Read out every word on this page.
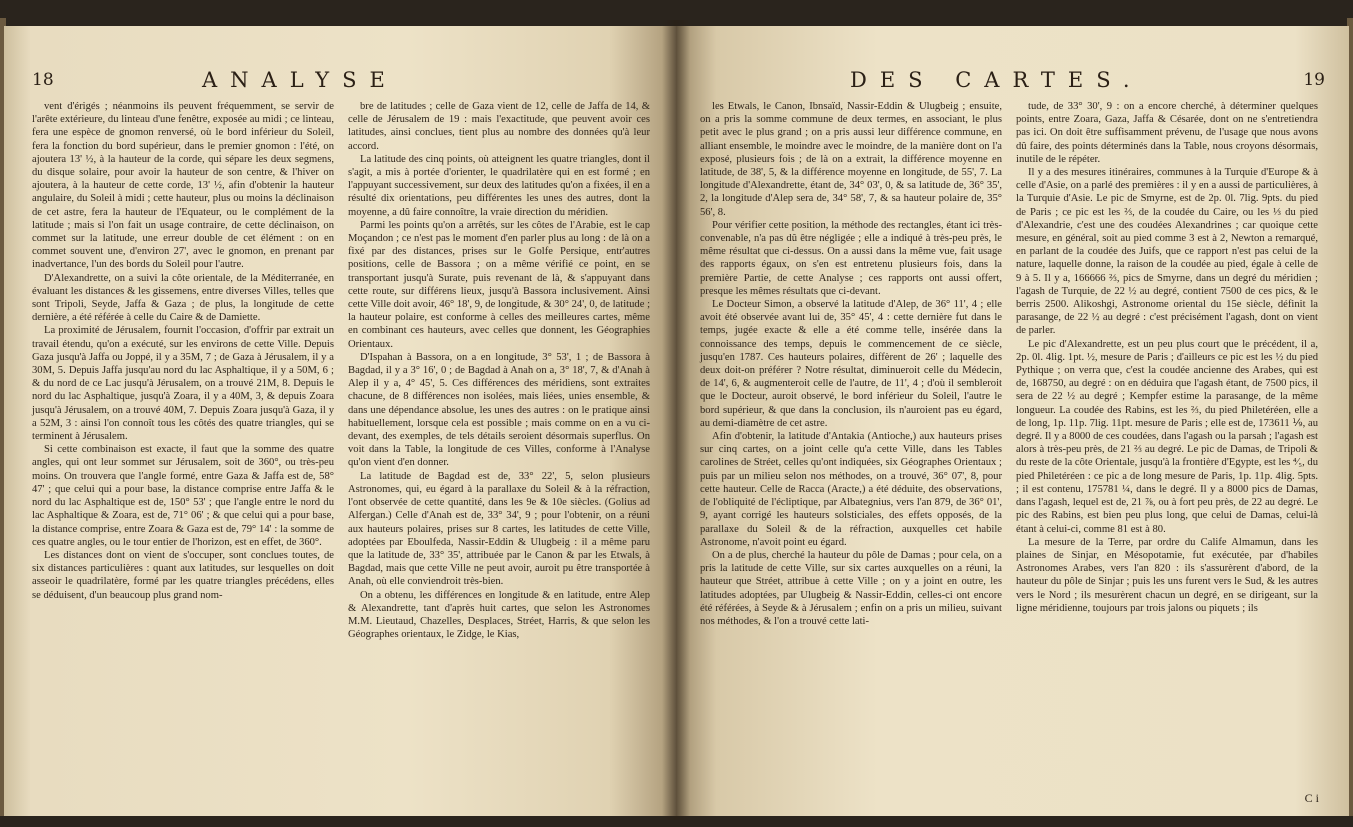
18	ANALYSE

vent d'érigés ; néanmoins ils peuvent fréquemment, se servir de l'arête extérieure, du linteau d'une fenêtre, exposée au midi ; ce linteau, fera une espèce de gnomon renversé, où le bord inférieur du Soleil, fera la fonction du bord supérieur, dans le premier gnomon : l'été, on ajoutera 13' ½, à la hauteur de la corde, qui sépare les deux segmens, du disque solaire, pour avoir la hauteur de son centre, & l'hiver on ajoutera, à la hauteur de cette corde, 13' ½, afin d'obtenir la hauteur angulaire, du Soleil à midi ; cette hauteur, plus ou moins la déclinaison de cet astre, fera la hauteur de l'Equateur, ou le complément de la latitude ; mais si l'on fait un usage contraire, de cette déclinaison, on commet sur la latitude, une erreur double de cet élément : on en commet souvent une, d'environ 27', avec le gnomon, en prenant par inadvertance, l'un des bords du Soleil pour l'autre.

D'Alexandrette, on a suivi la côte orientale, de la Méditerranée, en évaluant les distances & les gissemens, entre diverses Villes, telles que sont Tripoli, Seyde, Jaffa & Gaza ; de plus, la longitude de cette dernière, a été référée à celle du Caire & de Damiette.

La proximité de Jérusalem, fournit l'occasion, d'offrir par extrait un travail étendu, qu'on a exécuté, sur les environs de cette Ville. Depuis Gaza jusqu'à Jaffa ou Joppé, il y a 35M, 7 ; de Gaza à Jérusalem, il y a 30M, 5. Depuis Jaffa jusqu'au nord du lac Asphaltique, il y a 50M, 6 ; & du nord de ce Lac jusqu'à Jérusalem, on a trouvé 21M, 8. Depuis le nord du lac Asphaltique, jusqu'à Zoara, il y a 40M, 3, & depuis Zoara jusqu'à Jérusalem, on a trouvé 40M, 7. Depuis Zoara jusqu'à Gaza, il y a 52M, 3 : ainsi l'on connoît tous les côtés des quatre triangles, qui se terminent à Jérusalem.

Si cette combinaison est exacte, il faut que la somme des quatre angles, qui ont leur sommet sur Jérusalem, soit de 360°, ou très-peu moins. On trouvera que l'angle formé, entre Gaza & Jaffa est de, 58° 47' ; que celui qui a pour base, la distance comprise entre Jaffa & le nord du lac Asphaltique est de, 150° 53' ; que l'angle entre le nord du lac Asphaltique & Zoara, est de, 71° 06' ; & que celui qui a pour base, la distance comprise, entre Zoara & Gaza est de, 79° 14' : la somme de ces quatre angles, ou le tour entier de l'horizon, est en effet, de 360°.

Les distances dont on vient de s'occuper, sont conclues toutes, de six distances particulières : quant aux latitudes, sur lesquelles on doit asseoir le quadrilatère, formé par les quatre triangles précédens, elles se déduisent, d'un beaucoup plus grand nom-

bre de latitudes ; celle de Gaza vient de 12, celle de Jaffa de 14, & celle de Jérusalem de 19 : mais l'exactitude, que peuvent avoir ces latitudes, ainsi conclues, tient plus au nombre des données qu'à leur accord.

La latitude des cinq points, où atteignent les quatre triangles, dont il s'agit, a mis à portée d'orienter, le quadrilatère qui en est formé ; en l'appuyant successivement, sur deux des latitudes qu'on a fixées, il en a résulté dix orientations, peu différentes les unes des autres, dont la moyenne, a dû faire connoître, la vraie direction du méridien.

Parmi les points qu'on a arrêtés, sur les côtes de l'Arabie, est le cap Moçandon ; ce n'est pas le moment d'en parler plus au long : de là on a fixé par des distances, prises sur le Golfe Persique, entr'autres positions, celle de Bassora ; on a même vérifié ce point, en se transportant jusqu'à Surate, puis revenant de là, & s'appuyant dans cette route, sur différens lieux, jusqu'à Bassora inclusivement. Ainsi cette Ville doit avoir, 46° 18', 9, de longitude, & 30° 24', 0, de latitude ; la hauteur polaire, est conforme à celles des meilleures cartes, même en combinant ces hauteurs, avec celles que donnent, les Géographies Orientaux.

D'Ispahan à Bassora, on a en longitude, 3° 53', 1 ; de Bassora à Bagdad, il y a 3° 16', 0 ; de Bagdad à Anah on a, 3° 18', 7, & d'Anah à Alep il y a, 4° 45', 5. Ces différences des méridiens, sont extraites chacune, de 8 différences non isolées, mais liées, unies ensemble, & dans une dépendance absolue, les unes des autres : on le pratique ainsi habituellement, lorsque cela est possible ; mais comme on en a vu ci-devant, des exemples, de tels détails seroient désormais superflus. On voit dans la Table, la longitude de ces Villes, conforme à l'Analyse qu'on vient d'en donner.

La latitude de Bagdad est de, 33° 22', 5, selon plusieurs Astronomes, qui, eu égard à la parallaxe du Soleil & à la réfraction, l'ont observée de cette quantité, dans les 9e & 10e siècles. (Golius ad Alfergan.) Celle d'Anah est de, 33° 34', 9 ; pour l'obtenir, on a réuni aux hauteurs polaires, prises sur 8 cartes, les latitudes de cette Ville, adoptées par Eboulfeda, Nassir-Eddin & Ulugbeig : il a même paru que la latitude de, 33° 35', attribuée par le Canon & par les Etwals, à Bagdad, mais que cette Ville ne peut avoir, auroit pu être transportée à Anah, où elle conviendroit très-bien.

On a obtenu, les différences en longitude & en latitude, entre Alep & Alexandrette, tant d'après huit cartes, que selon les Astronomes M.M. Lieutaud, Chazelles, Desplaces, Stréet, Harris, & que selon les Géographes orientaux, le Zidge, le Kias,

DES CARTES.	19

les Etwals, le Canon, Ibnsaïd, Nassir-Eddin & Ulugbeig ; ensuite, on a pris la somme commune de deux termes, en associant, le plus petit avec le plus grand ; on a pris aussi leur différence commune, en alliant ensemble, le moindre avec le moindre, de la manière dont on l'a exposé, plusieurs fois ; de là on a extrait, la différence moyenne en latitude, de 38', 5, & la différence moyenne en longitude, de 55', 7. La longitude d'Alexandrette, étant de, 34° 03', 0, & sa latitude de, 36° 35', 2, la longitude d'Alep sera de, 34° 58', 7, & sa hauteur polaire de, 35° 56', 8.

Pour vérifier cette position, la méthode des rectangles, étant ici très-convenable, n'a pas dû être négligée ; elle a indiqué à très-peu près, le même résultat que ci-dessus. On a aussi dans la même vue, fait usage des rapports égaux, on s'en est entretenu plusieurs fois, dans la première Partie, de cette Analyse ; ces rapports ont aussi offert, presque les mêmes résultats que ci-devant.

Le Docteur Simon, a observé la latitude d'Alep, de 36° 11', 4 ; elle avoit été observée avant lui de, 35° 45', 4 : cette dernière fut dans le temps, jugée exacte & elle a été comme telle, insérée dans la connoissance des temps, depuis le commencement de ce siècle, jusqu'en 1787. Ces hauteurs polaires, diffèrent de 26' ; laquelle des deux doit-on préférer ? Notre résultat, diminueroit celle du Médecin, de 14', 6, & augmenteroit celle de l'autre, de 11', 4 ; d'où il sembleroit que le Docteur, auroit observé, le bord inférieur du Soleil, l'autre le bord supérieur, & que dans la conclusion, ils n'auroient pas eu égard, au demi-diamètre de cet astre.

Afin d'obtenir, la latitude d'Antakia (Antioche,) aux hauteurs prises sur cinq cartes, on a joint celle qu'a cette Ville, dans les Tables carolines de Stréet, celles qu'ont indiquées, six Géographes Orientaux ; puis par un milieu selon nos méthodes, on a trouvé, 36° 07', 8, pour cette hauteur. Celle de Racca (Aracte,) a été déduite, des observations, de l'obliquité de l'écliptique, par Albategnius, vers l'an 879, de 36° 01', 9, ayant corrigé les hauteurs solsticiales, des effets opposés, de la parallaxe du Soleil & de la réfraction, auxquelles cet habile Astronome, n'avoit point eu égard.

On a de plus, cherché la hauteur du pôle de Damas ; pour cela, on a pris la latitude de cette Ville, sur six cartes auxquelles on a réuni, la hauteur que Stréet, attribue à cette Ville ; on y a joint en outre, les latitudes adoptées, par Ulugbeig & Nassir-Eddin, celles-ci ont encore été référées, à Seyde & à Jérusalem ; enfin on a pris un milieu, suivant nos méthodes, & l'on a trouvé cette lati-

tude, de 33° 30', 9 : on a encore cherché, à déterminer quelques points, entre Zoara, Gaza, Jaffa & Césarée, dont on ne s'entretiendra pas ici. On doit être suffisamment prévenu, de l'usage que nous avons dû faire, des points déterminés dans la Table, nous croyons désormais, inutile de le répéter.

Il y a des mesures itinéraires, communes à la Turquie d'Europe & à celle d'Asie, on a parlé des premières : il y en a aussi de particulières, à la Turquie d'Asie. Le pic de Smyrne, est de 2p. 0l. 7lig. 9pts. du pied de Paris ; ce pic est les ⅔, de la coudée du Caire, ou les ⅓ du pied d'Alexandrie, c'est une des coudées Alexandrines ; car quoique cette mesure, en général, soit au pied comme 3 est à 2, Newton a remarqué, en parlant de la coudée des Juifs, que ce rapport n'est pas celui de la nature, laquelle donne, la raison de la coudée au pied, égale à celle de 9 à 5. Il y a, 166666 ⅔, pics de Smyrne, dans un degré du méridien ; l'agash de Turquie, de 22 ½ au degré, contient 7500 de ces pics, & le berris 2500. Alikoshgi, Astronome oriental du 15e siècle, définit la parasange, de 22 ½ au degré : c'est précisément l'agash, dont on vient de parler.

Le pic d'Alexandrette, est un peu plus court que le précédent, il a, 2p. 0l. 4lig. 1pt. ½, mesure de Paris ; d'ailleurs ce pic est les ½ du pied Pythique ; on verra que, c'est la coudée ancienne des Arabes, qui est de, 168750, au degré : on en déduira que l'agash étant, de 7500 pics, il sera de 22 ½ au degré ; Kempfer estime la parasange, de la même longueur. La coudée des Rabins, est les ⅔, du pied Philetéréen, elle a de long, 1p. 11p. 7lig. 11pt. mesure de Paris ; elle est de, 173611 ⅑, au degré. Il y a 8000 de ces coudées, dans l'agash ou la parsah ; l'agash est alors à très-peu près, de 21 ⅔ au degré. Le pic de Damas, de Tripoli & du reste de la côte Orientale, jusqu'à la frontière d'Egypte, est les ⁴⁄₅, du pied Philetéréen : ce pic a de long mesure de Paris, 1p. 11p. 4lig. 5pts. ; il est contenu, 175781 ¼, dans le degré. Il y a 8000 pics de Damas, dans l'agash, lequel est de, 21 ⅞, ou à fort peu près, de 22 au degré. Le pic des Rabins, est bien peu plus long, que celui de Damas, celui-là étant à celui-ci, comme 81 est à 80.

La mesure de la Terre, par ordre du Calife Almamun, dans les plaines de Sinjar, en Mésopotamie, fut exécutée, par d'habiles Astronomes Arabes, vers l'an 820 : ils s'assurèrent d'abord, de la hauteur du pôle de Sinjar ; puis les uns furent vers le Sud, & les autres vers le Nord ; ils mesurèrent chacun un degré, en se dirigeant, sur la ligne méridienne, toujours par trois jalons ou piquets ; ils

C i
